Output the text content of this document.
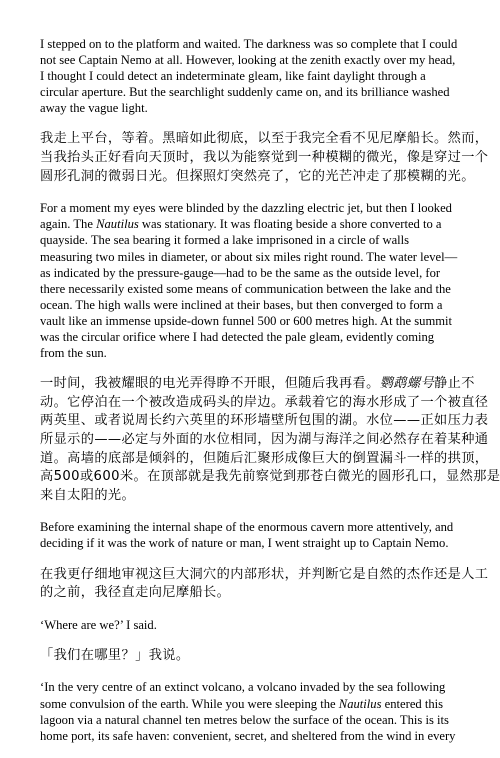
I stepped on to the platform and waited. The darkness was so complete that I could
not see Captain Nemo at all. However, looking at the zenith exactly over my head,
I thought I could detect an indeterminate gleam, like faint daylight through a
circular aperture. But the searchlight suddenly came on, and its brilliance washed
away the vague light.

我走上平台，等着。黑暗如此彻底，以至于我完全看不见尼摩船长。然而，
当我抬头正好看向天顶时，我以为能察觉到一种模糊的微光，像是穿过一个
圆形孔洞的微弱日光。但探照灯突然亮了，它的光芒冲走了那模糊的光。

For a moment my eyes were blinded by the dazzling electric jet, but then I looked
again. The Nautilus was stationary. It was floating beside a shore converted to a
quayside. The sea bearing it formed a lake imprisoned in a circle of walls
measuring two miles in diameter, or about six miles right round. The water level—
as indicated by the pressure-gauge—had to be the same as the outside level, for
there necessarily existed some means of communication between the lake and the
ocean. The high walls were inclined at their bases, but then converged to form a
vault like an immense upside-down funnel 500 or 600 metres high. At the summit
was the circular orifice where I had detected the pale gleam, evidently coming
from the sun.

一时间，我被耀眼的电光弄得睁不开眼，但随后我再看。鹦鹉螺号静止不
动。它停泊在一个被改造成码头的岸边。承载着它的海水形成了一个被直径
两英里、或者说周长约六英里的环形墙壁所包围的湖。水位——正如压力表
所显示的——必定与外面的水位相同，因为湖与海洋之间必然存在着某种通
道。高墙的底部是倾斜的，但随后汇聚形成像巨大的倒置漏斗一样的拱顶，
高500或600米。在顶部就是我先前察觉到那苍白微光的圆形孔口，显然那是
来自太阳的光。

Before examining the internal shape of the enormous cavern more attentively, and
deciding if it was the work of nature or man, I went straight up to Captain Nemo.

在我更仔细地审视这巨大洞穴的内部形状，并判断它是自然的杰作还是人工
的之前，我径直走向尼摩船长。

‘Where are we?’ I said.

「我们在哪里？」我说。

‘In the very centre of an extinct volcano, a volcano invaded by the sea following
some convulsion of the earth. While you were sleeping the Nautilus entered this
lagoon via a natural channel ten metres below the surface of the ocean. This is its
home port, its safe haven: convenient, secret, and sheltered from the wind in every
